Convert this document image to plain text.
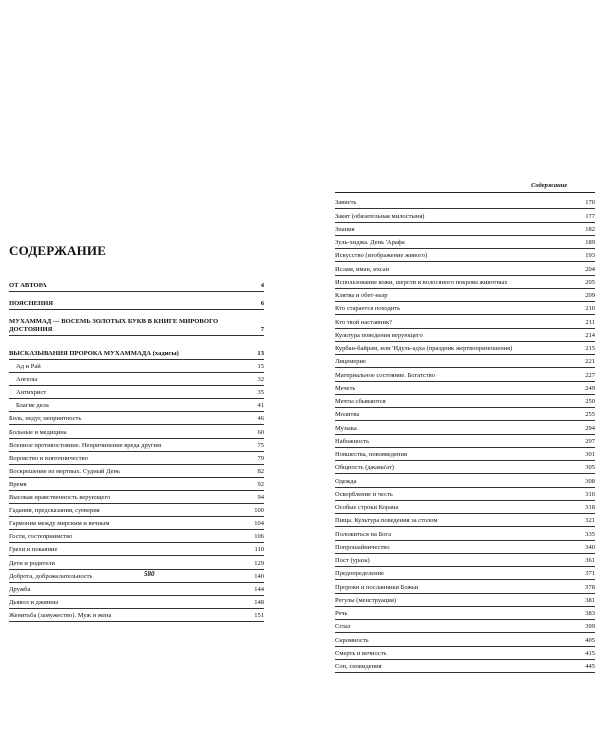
СОДЕРЖАНИЕ
ОТ АВТОРА	4
ПОЯСНЕНИЯ	6
МУХАММАД — ВОСЕМЬ ЗОЛОТЫХ БУКВ В КНИГЕ МИРОВОГО ДОСТОЯНИЯ	7
ВЫСКАЗЫВАНИЯ ПРОРОКА МУХАММАДА (хадисы)	13
Ад и Рай	15
Ангелы	32
Антихрист	35
Благие дела	41
Боль, недуг, неприятность	46
Больные и медицина	60
Военное противостояние. Непричинение вреда другим	75
Воровство и взяточничество	79
Воскрешение из мертвых. Судный День	82
Время	92
Высокая нравственность верующего	94
Гадания, предсказания, суеверия	100
Гармония между мирским и вечным	104
Гости, гостеприимство	106
Грехи и покаяние	110
Дети и родители	129
Доброта, доброжелательность	140
Дружба	144
Дьявол и джинны	148
Женитьба (замужество). Муж и жена	151
580
Содержание
Зависть	170
Закят (обязательная милостыня)	177
Знания	182
Зуль-хиджа. День 'Арафа	189
Искусство (изображение живого)	193
Ислам, иман, ихсан	204
Использование кожи, шерсти и волосяного покрова животных	205
Клятва и обет-назр	209
Кто старается походить	210
Кто твой наставник?	211
Культура поведения верующего	214
Курбан-байрам, или 'Идуль-адха (праздник жертвоприношения)	215
Лицемерие	221
Материальное состояние. Богатство	227
Мечеть	249
Мечты сбываются	250
Молитва	255
Музыка	294
Набожность	297
Новшества, нововведения	301
Общность (джама'ат)	305
Одежда	308
Оскорбление и честь	310
Особые строки Корана	318
Пища. Культура поведения за столом	321
Положиться на Бога	335
Попрошайничество	340
Пост (ураза)	361
Предопределение	371
Пророки и посланники Божьи	378
Регулы (менструация)	381
Речь	383
Сглаз	399
Скромность	405
Смерть и вечность	415
Сон, сновидения	445
